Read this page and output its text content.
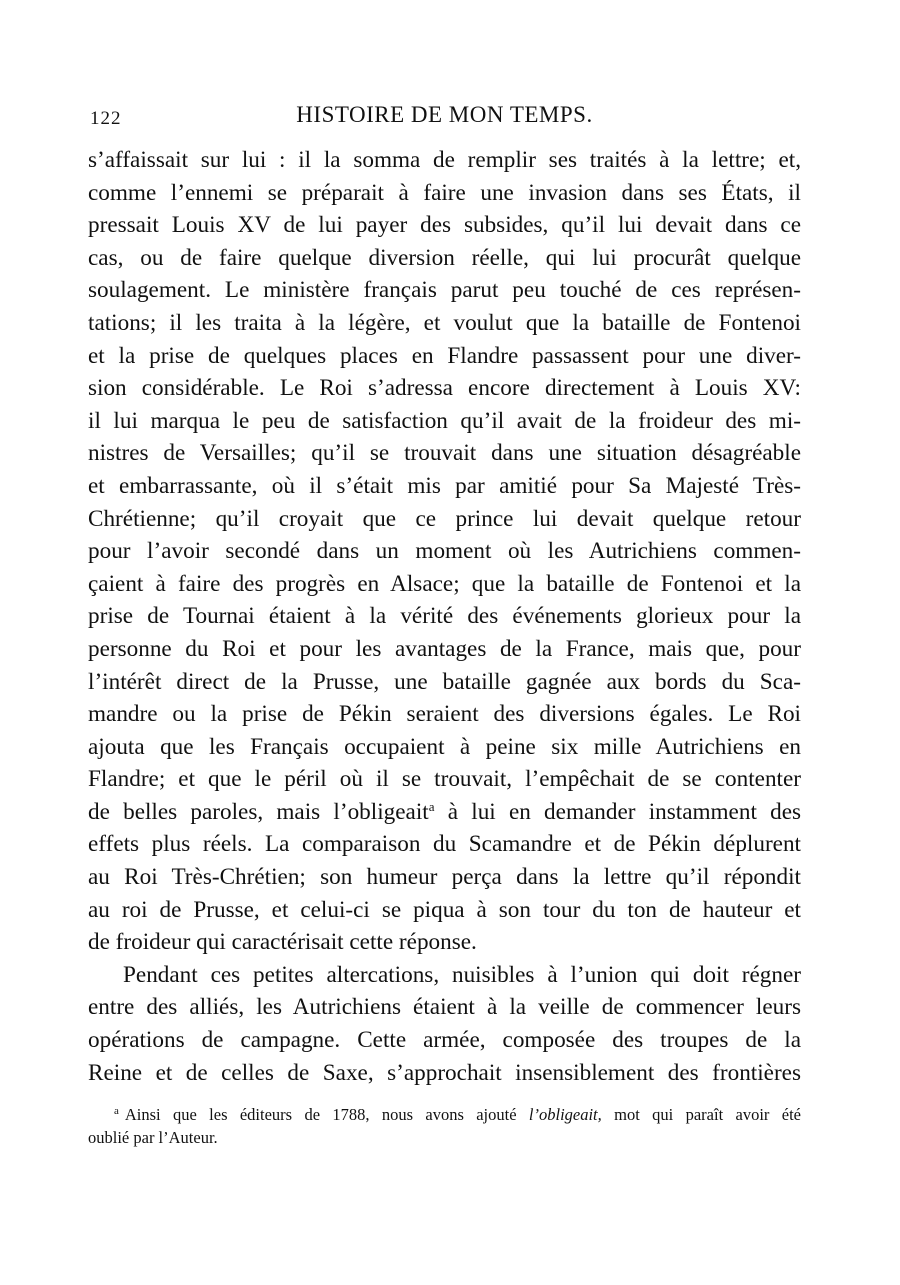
122	HISTOIRE DE MON TEMPS.
s’affaissait sur lui : il la somma de remplir ses traités à la lettre; et,
comme l’ennemi se préparait à faire une invasion dans ses États, il
pressait Louis XV de lui payer des subsides, qu’il lui devait dans ce
cas, ou de faire quelque diversion réelle, qui lui procurât quelque
soulagement. Le ministère français parut peu touché de ces représen-
tations; il les traita à la légère, et voulut que la bataille de Fontenoi
et la prise de quelques places en Flandre passassent pour une diver-
sion considérable. Le Roi s’adressa encore directement à Louis XV:
il lui marqua le peu de satisfaction qu’il avait de la froideur des mi-
nistres de Versailles; qu’il se trouvait dans une situation désagréable
et embarrassante, où il s’était mis par amitié pour Sa Majesté Très-
Chrétienne; qu’il croyait que ce prince lui devait quelque retour
pour l’avoir secondé dans un moment où les Autrichiens commen-
çaient à faire des progrès en Alsace; que la bataille de Fontenoi et la
prise de Tournai étaient à la vérité des événements glorieux pour la
personne du Roi et pour les avantages de la France, mais que, pour
l’intérêt direct de la Prusse, une bataille gagnée aux bords du Sca-
mandre ou la prise de Pékin seraient des diversions égales. Le Roi
ajouta que les Français occupaient à peine six mille Autrichiens en
Flandre; et que le péril où il se trouvait, l’empêchait de se contenter
de belles paroles, mais l’obligeait$^a$ à lui en demander instamment des
effets plus réels. La comparaison du Scamandre et de Pékin déplurent
au Roi Très-Chrétien; son humeur perça dans la lettre qu’il répondit
au roi de Prusse, et celui-ci se piqua à son tour du ton de hauteur et
de froideur qui caractérisait cette réponse.
Pendant ces petites altercations, nuisibles à l’union qui doit régner
entre des alliés, les Autrichiens étaient à la veille de commencer leurs
opérations de campagne. Cette armée, composée des troupes de la
Reine et de celles de Saxe, s’approchait insensiblement des frontières
$^a$ Ainsi que les éditeurs de 1788, nous avons ajouté l’obligeait, mot qui paraît avoir été
oublié par l’Auteur.
